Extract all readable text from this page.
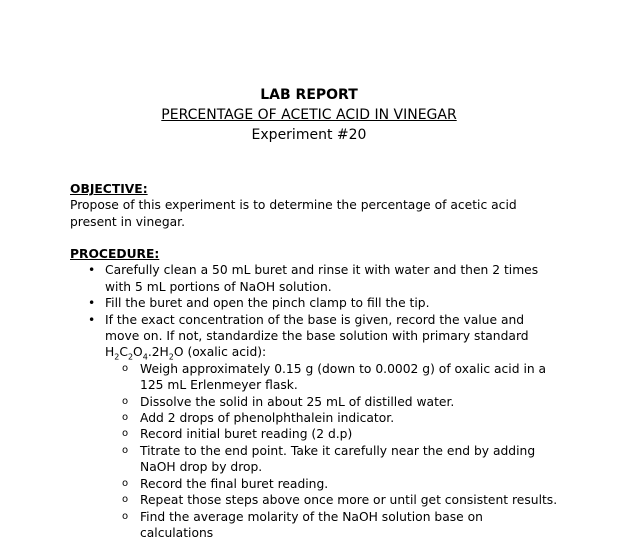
LAB REPORT
PERCENTAGE OF ACETIC ACID IN VINEGAR
Experiment #20
OBJECTIVE:
Propose of this experiment is to determine the percentage of acetic acid present in vinegar.
PROCEDURE:
• Carefully clean a 50 mL buret and rinse it with water and then 2 times with 5 mL portions of NaOH solution.
• Fill the buret and open the pinch clamp to fill the tip.
• If the exact concentration of the base is given, record the value and move on. If not, standardize the base solution with primary standard
$H_2C_2O_4.2H_2O$ (oxalic acid):
o Weigh approximately 0.15 g (down to 0.0002 g) of oxalic acid in a 125 mL Erlenmeyer flask.
o Dissolve the solid in about 25 mL of distilled water.
o Add 2 drops of phenolphthalein indicator.
o Record initial buret reading (2 d.p)
o Titrate to the end point. Take it carefully near the end by adding NaOH drop by drop.
o Record the final buret reading.
o Repeat those steps above once more or until get consistent results.
o Find the average molarity of the NaOH solution base on calculations
